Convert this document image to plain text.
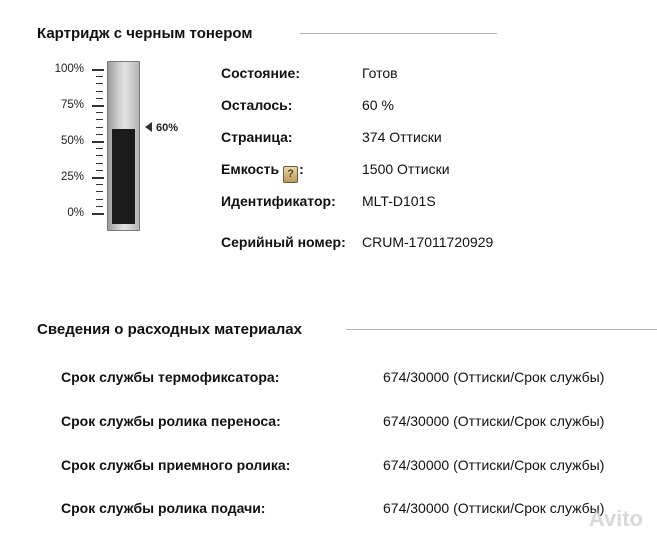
Картридж с черным тонером
100%
75%
50%
25%
0%
60%
Состояние:	Готов
Осталось:	60 %
Страница:	374 Оттиски
Емкость ? :	1500 Оттиски
Идентификатор: MLT-D101S
Серийный номер: CRUM-17011720929
Сведения о расходных материалах
Срок службы термофиксатора:	674/30000 (Оттиски/Срок службы)
Срок службы ролика переноса:	674/30000 (Оттиски/Срок службы)
Срок службы приемного ролика:	674/30000 (Оттиски/Срок службы)
Срок службы ролика подачи:	674/30000 (Оттиски/Срок службы)
Avito
